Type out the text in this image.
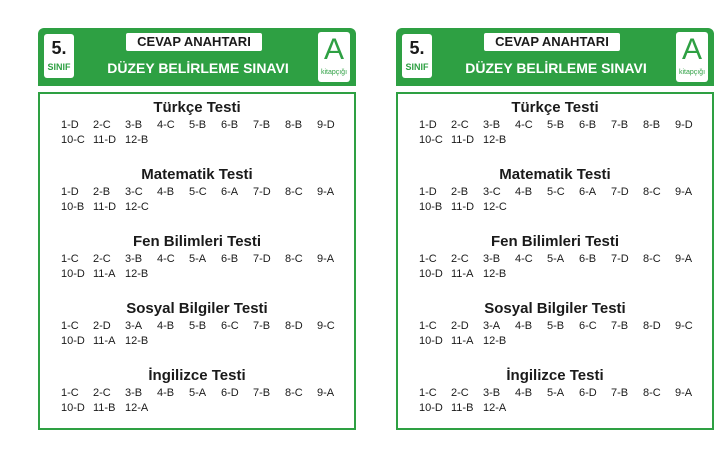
5.
SINIF
CEVAP ANAHTARI
DÜZEY BELİRLEME SINAVI
A
kitapçığı
Türkçe Testi
1-D	2-C	3-B	4-C	5-B	6-B	7-B	8-B	9-D
10-C 11-D 12-B
Matematik Testi
1-D	2-B	3-C	4-B	5-C	6-A	7-D	8-C	9-A
10-B 11-D 12-C
Fen Bilimleri Testi
1-C	2-C	3-B	4-C	5-A	6-B	7-D	8-C	9-A
10-D 11-A 12-B
Sosyal Bilgiler Testi
1-C	2-D	3-A	4-B	5-B	6-C	7-B	8-D	9-C
10-D 11-A 12-B
İngilizce Testi
1-C	2-C	3-B	4-B	5-A	6-D	7-B	8-C	9-A
10-D 11-B 12-A
5.
SINIF
CEVAP ANAHTARI
DÜZEY BELİRLEME SINAVI
A
kitapçığı
Türkçe Testi
1-D	2-C	3-B	4-C	5-B	6-B	7-B	8-B	9-D
10-C 11-D 12-B
Matematik Testi
1-D	2-B	3-C	4-B	5-C	6-A	7-D	8-C	9-A
10-B 11-D 12-C
Fen Bilimleri Testi
1-C	2-C	3-B	4-C	5-A	6-B	7-D	8-C	9-A
10-D 11-A 12-B
Sosyal Bilgiler Testi
1-C	2-D	3-A	4-B	5-B	6-C	7-B	8-D	9-C
10-D 11-A 12-B
İngilizce Testi
1-C	2-C	3-B	4-B	5-A	6-D	7-B	8-C	9-A
10-D 11-B 12-A
